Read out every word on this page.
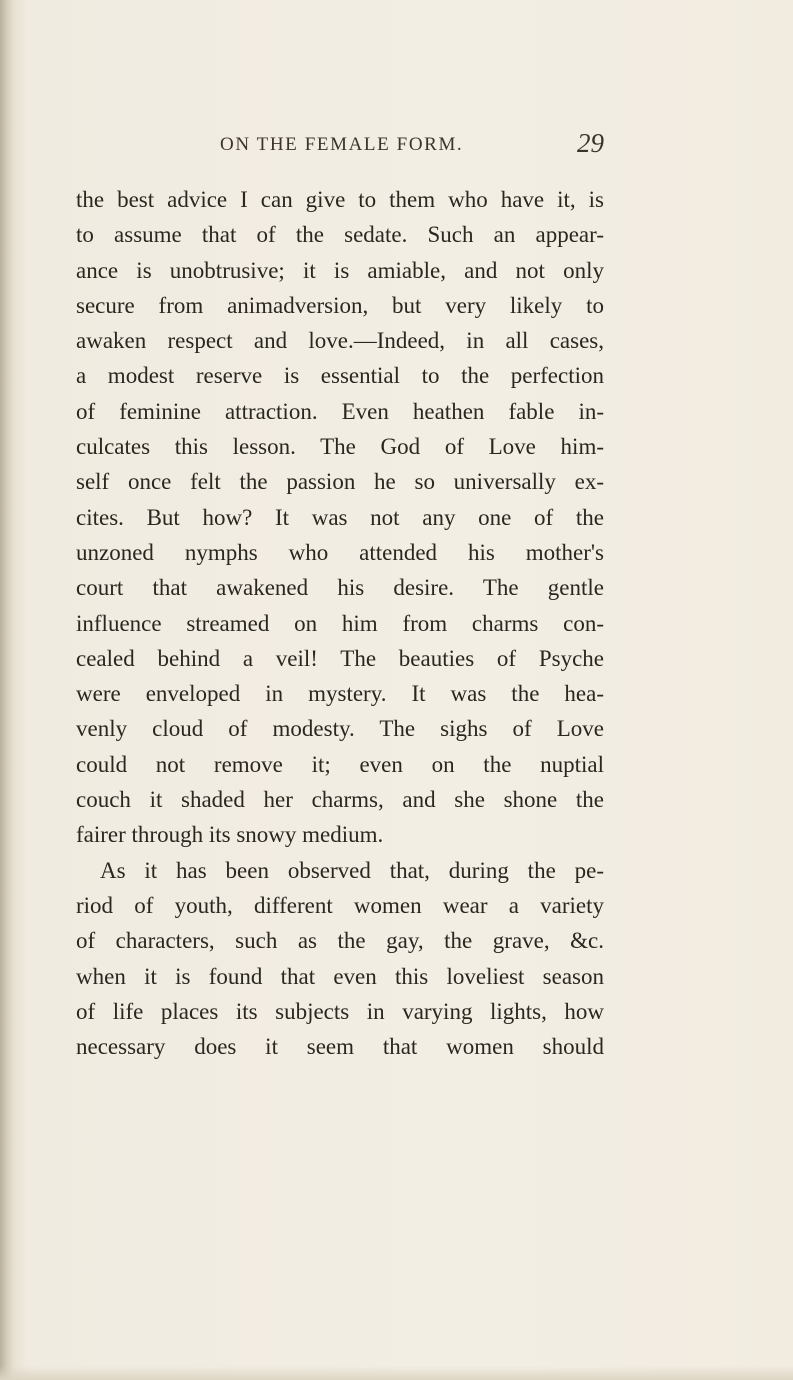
ON THE FEMALE FORM.	29
the best advice I can give to them who have it, is
to assume that of the sedate. Such an appear-
ance is unobtrusive; it is amiable, and not only
secure from animadversion, but very likely to
awaken respect and love.—Indeed, in all cases,
a modest reserve is essential to the perfection
of feminine attraction. Even heathen fable in-
culcates this lesson. The God of Love him-
self once felt the passion he so universally ex-
cites. But how? It was not any one of the
unzoned nymphs who attended his mother's
court that awakened his desire. The gentle
influence streamed on him from charms con-
cealed behind a veil! The beauties of Psyche
were enveloped in mystery. It was the hea-
venly cloud of modesty. The sighs of Love
could not remove it; even on the nuptial
couch it shaded her charms, and she shone the
fairer through its snowy medium.
As it has been observed that, during the pe-
riod of youth, different women wear a variety
of characters, such as the gay, the grave, &c.
when it is found that even this loveliest season
of life places its subjects in varying lights, how
necessary does it seem that women should
